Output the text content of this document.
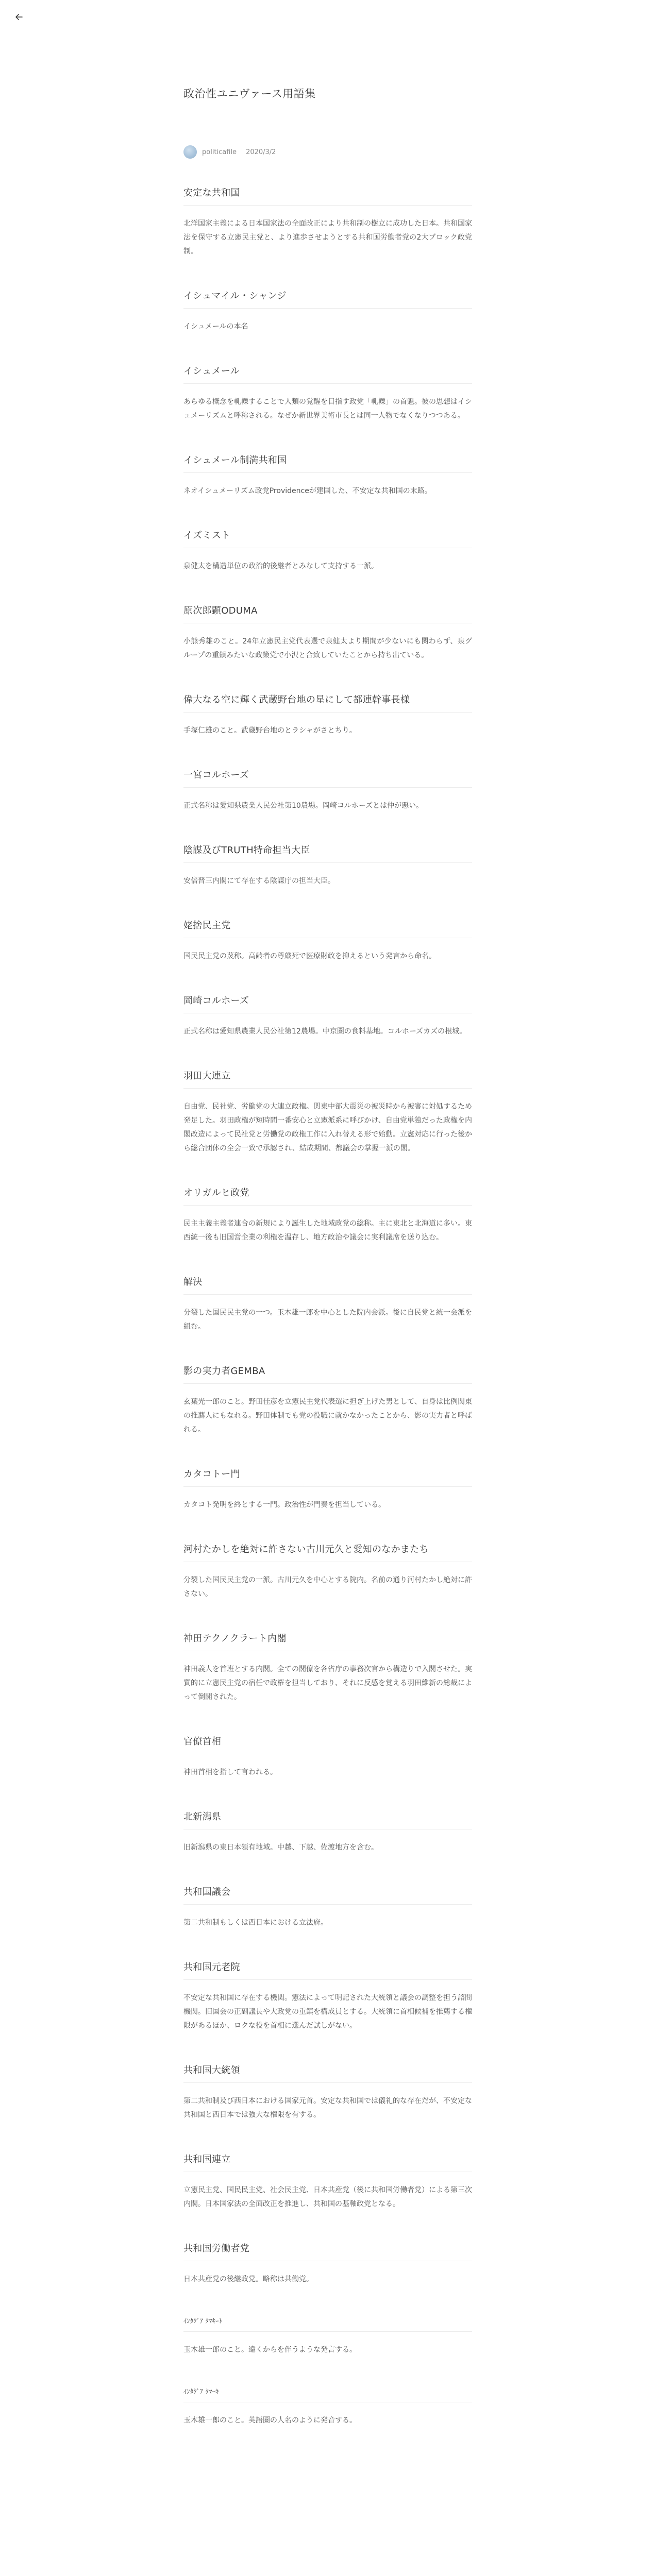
政治性ユニヴァース用語集
politicafile 2020/3/2
安定な共和国

北洋国家主義による日本国家法の全面改正により共和制の樹立に成功した日本。共和国家法を保守する立憲民主党と、より進歩させようとする共和国労働者党の2大ブロック政党制。

イシュマイル・シャンジ

イシュメールの本名

イシュメール

あらゆる概念を軋轢することで人類の覚醒を目指す政党「軋轢」の首魁。彼の思想はイシュメーリズムと呼称される。なぜか新世界美術市長とは同一人物でなくなりつつある。

イシュメール制満共和国

ネオイシュメーリズム政党Providenceが建国した、不安定な共和国の末路。

イズミスト

泉健太を構造単位の政治的後継者とみなして支持する一派。

原次郎顕ODUMA

小熊秀雄のこと。24年立憲民主党代表選で泉健太より期間が少ないにも関わらず、泉グループの重鎮みたいな政策党で小沢と合致していたことから持ち出ている。

偉大なる空に輝く武蔵野台地の星にして都連幹事長様

手塚仁雄のこと。武蔵野台地のとラシャがさとちり。

一宮コルホーズ

正式名称は愛知県農業人民公社第10農場。岡崎コルホーズとは仲が悪い。

陰謀及びTRUTH特命担当大臣

安倍晋三内閣にて存在する陰謀庁の担当大臣。

姥捨民主党

国民民主党の蔑称。高齢者の尊厳死で医療財政を抑えるという発言から命名。

岡崎コルホーズ

正式名称は愛知県農業人民公社第12農場。中京圏の食料基地。コルホーズカズの根城。

羽田大連立

自由党、民社党、労働党の大連立政権。関東中部大震災の被災時から被害に対処するため発足した。羽田政権が短時間一番安心と立憲派系に呼びかけ、自由党単独だった政権を内閣改造によって民社党と労働党の政権工作に入れ替える形で始動。立憲対応に行った後から総合団体の全会一致で承認され、結成期間、都議会の掌握一派の閣。

オリガルヒ政党

民主主義主義者連合の新規により誕生した地域政党の総称。主に東北と北海道に多い。東西統一後も旧国営企業の利権を温存し、地方政治や議会に実利議席を送り込む。

解決

分裂した国民民主党の一つ。玉木雄一郎を中心とした院内会派。後に自民党と統一会派を組む。

影の実力者GEMBA

玄葉光一郎のこと。野田佳彦を立憲民主党代表選に担ぎ上げた男として、自身は比例関東の推薦人にもなれる。野田体制でも党の役職に就かなかったことから、影の実力者と呼ばれる。

カタコトー門

カタコト発明を終とする一門。政治性が門奏を担当している。

河村たかしを絶対に許さない古川元久と愛知のなかまたち

分裂した国民民主党の一派。古川元久を中心とする院内。名前の通り河村たかし絶対に許さない。

神田テクノクラート内閣

神田義人を首班とする内閣。全ての閣僚を各省庁の事務次官から構造りで入閣させた。実質的に立憲民主党の宿任で政権を担当しており、それに反感を覚える羽田維新の総裁によって倒閣された。

官僚首相

神田首相を指して言われる。

北新潟県

旧新潟県の東日本領有地域。中越、下越、佐渡地方を含む。

共和国議会

第二共和制もしくは西日本における立法府。

共和国元老院

不安定な共和国に存在する機関。憲法によって明記された大統領と議会の調整を担う諮問機関。旧国会の正副議長や大政党の重鎮を構成員とする。大統領に首相候補を推薦する権限があるほか、ロクな役を首相に選んだ試しがない。

共和国大統領

第二共和制及び西日本における国家元首。安定な共和国では儀礼的な存在だが、不安定な共和国と西日本では強大な権限を有する。

共和国連立

立憲民主党、国民民主党、社会民主党、日本共産党（後に共和国労働者党）による第三次内閣。日本国家法の全面改正を推進し、共和国の基軸政党となる。

共和国労働者党

日本共産党の後継政党。略称は共働党。

ｲﾝﾀｸﾞｱ ﾀﾏｷｰﾄ

玉木雄一郎のこと。違くからを伴うような発言する。

ｲﾝﾀｸﾞｱ ﾀﾏｰｷ

玉木雄一郎のこと。英語圏の人名のように発音する。
